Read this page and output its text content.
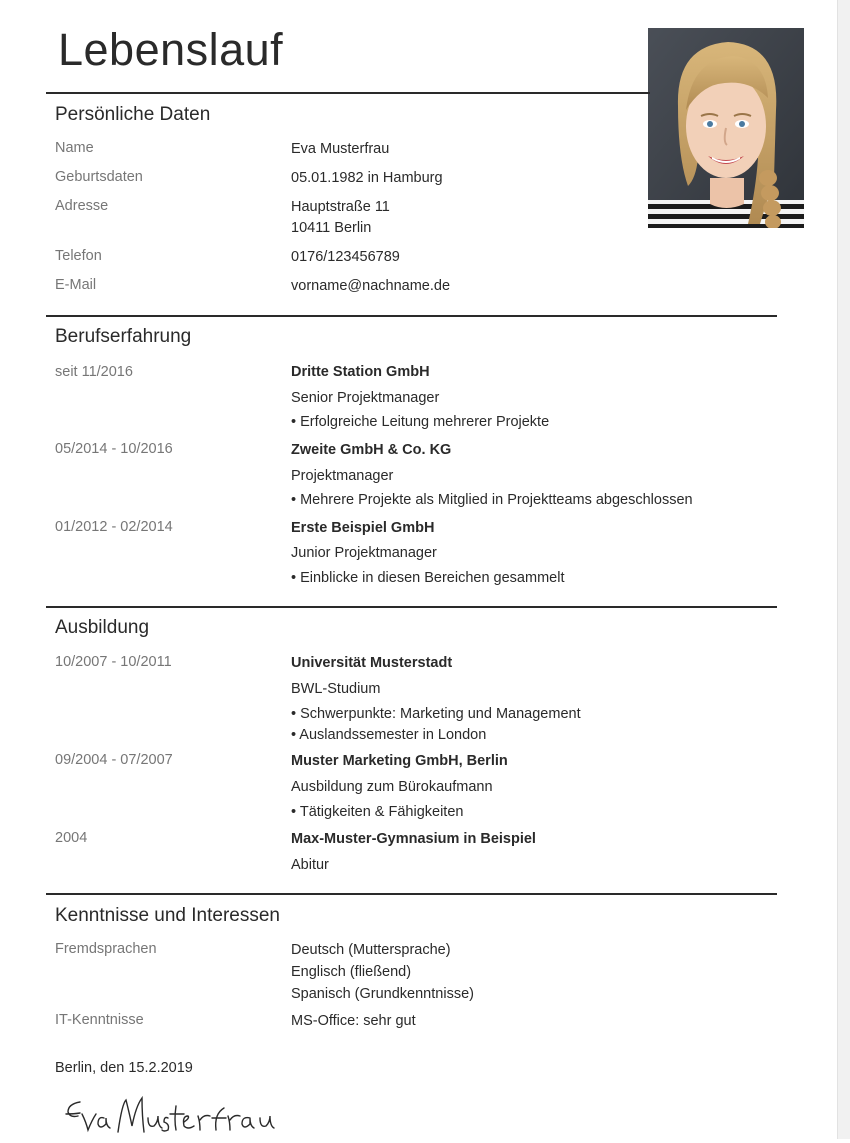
Lebenslauf
Persönliche Daten
Name	Eva Musterfrau
Geburtsdaten	05.01.1982 in Hamburg
Adresse	Hauptstraße 11
10411 Berlin
Telefon	0176/123456789
E-Mail	vorname@nachname.de
Berufserfahrung
seit 11/2016	Dritte Station GmbH
Senior Projektmanager
• Erfolgreiche Leitung mehrerer Projekte
05/2014 - 10/2016	Zweite GmbH & Co. KG
Projektmanager
• Mehrere Projekte als Mitglied in Projektteams abgeschlossen
01/2012 - 02/2014	Erste Beispiel GmbH
Junior Projektmanager
• Einblicke in diesen Bereichen gesammelt
Ausbildung
10/2007 - 10/2011	Universität Musterstadt
BWL-Studium
• Schwerpunkte: Marketing und Management
• Auslandssemester in London
09/2004 - 07/2007	Muster Marketing GmbH, Berlin
Ausbildung zum Bürokaufmann
• Tätigkeiten & Fähigkeiten
2004	Max-Muster-Gymnasium in Beispiel
Abitur
Kenntnisse und Interessen
Fremdsprachen	Deutsch (Muttersprache)
Englisch (fließend)
Spanisch (Grundkenntnisse)
IT-Kenntnisse	MS-Office: sehr gut
Berlin, den 15.2.2019
